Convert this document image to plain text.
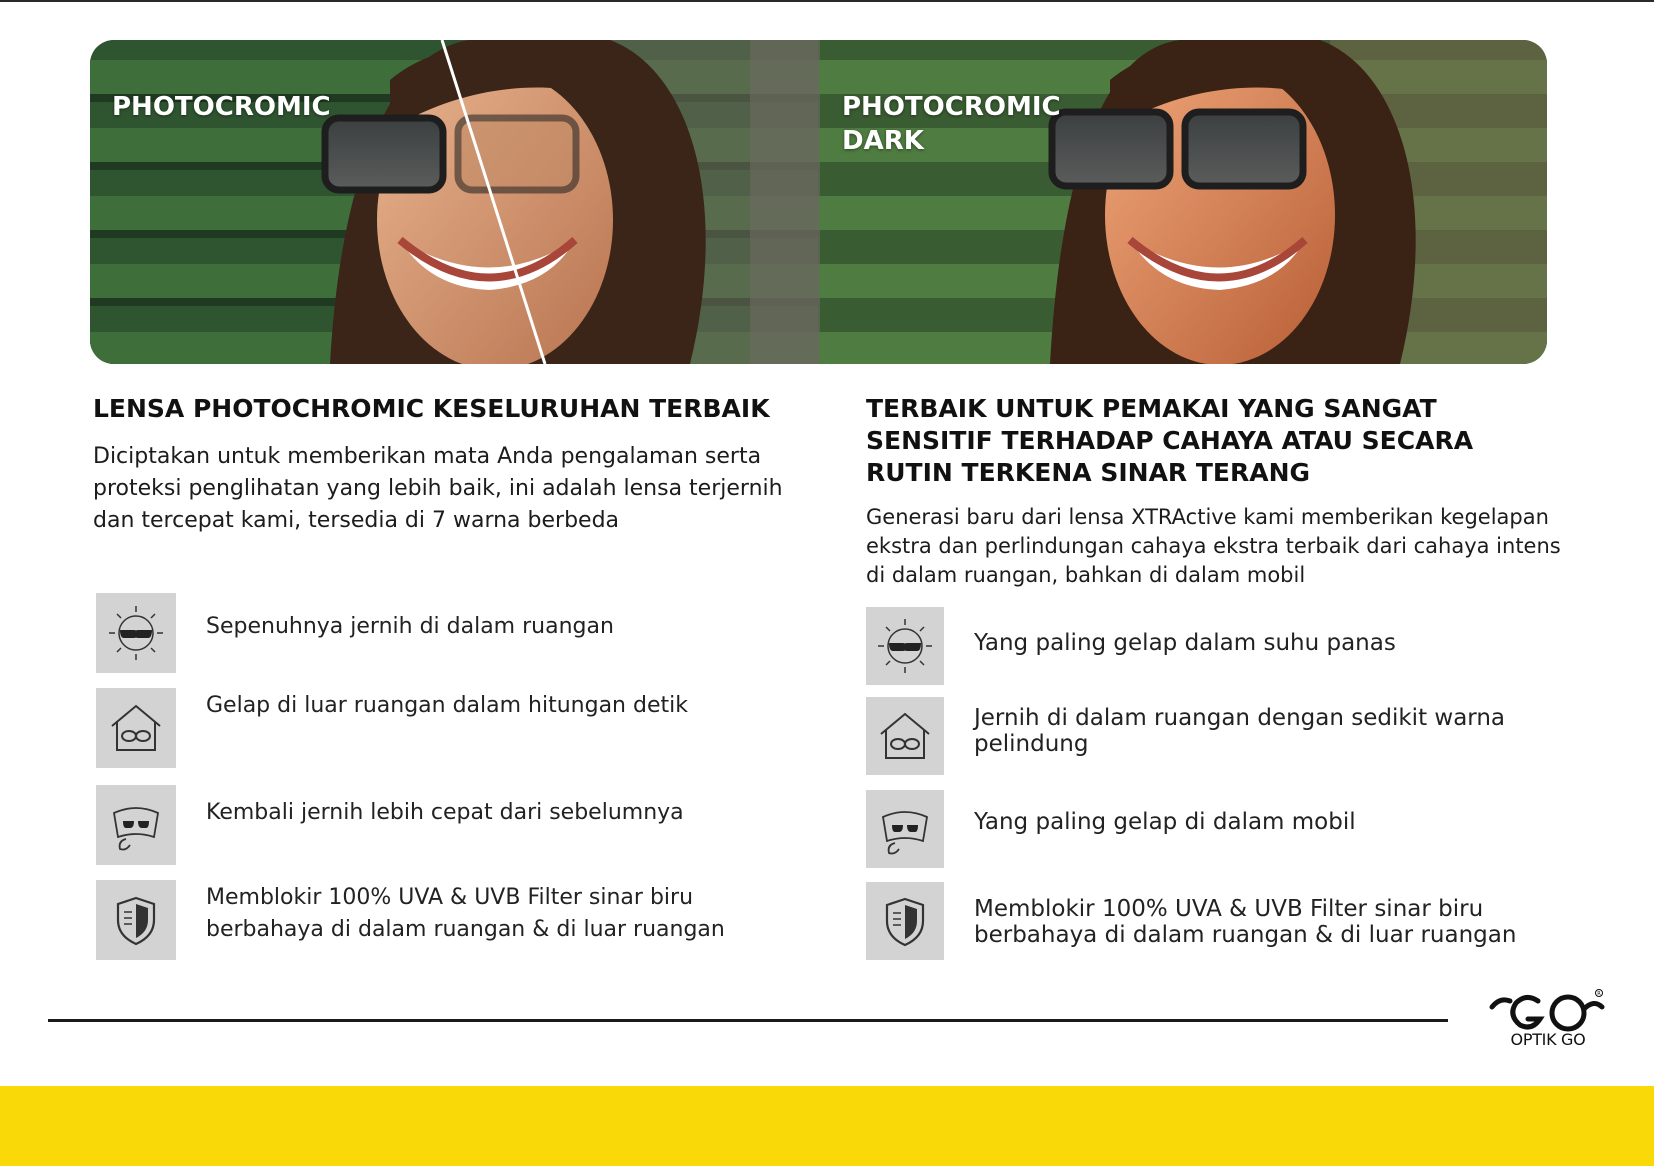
PHOTOCROMIC	PHOTOCROMIC
DARK
LENSA PHOTOCHROMIC KESELURUHAN TERBAIK

Diciptakan untuk memberikan mata Anda pengalaman serta proteksi penglihatan yang lebih baik, ini adalah lensa terjernih dan tercepat kami, tersedia di 7 warna berbeda

Sepenuhnya jernih di dalam ruangan
Gelap di luar ruangan dalam hitungan detik
Kembali jernih lebih cepat dari sebelumnya
Memblokir 100% UVA & UVB Filter sinar biru berbahaya di dalam ruangan & di luar ruangan
TERBAIK UNTUK PEMAKAI YANG SANGAT SENSITIF TERHADAP CAHAYA ATAU SECARA RUTIN TERKENA SINAR TERANG

Generasi baru dari lensa XTRActive kami memberikan kegelapan ekstra dan perlindungan cahaya ekstra terbaik dari cahaya intens di dalam ruangan, bahkan di dalam mobil

Yang paling gelap dalam suhu panas
Jernih di dalam ruangan dengan sedikit warna pelindung
Yang paling gelap di dalam mobil
Memblokir 100% UVA & UVB Filter sinar biru berbahaya di dalam ruangan & di luar ruangan
R
OPTIK GO
